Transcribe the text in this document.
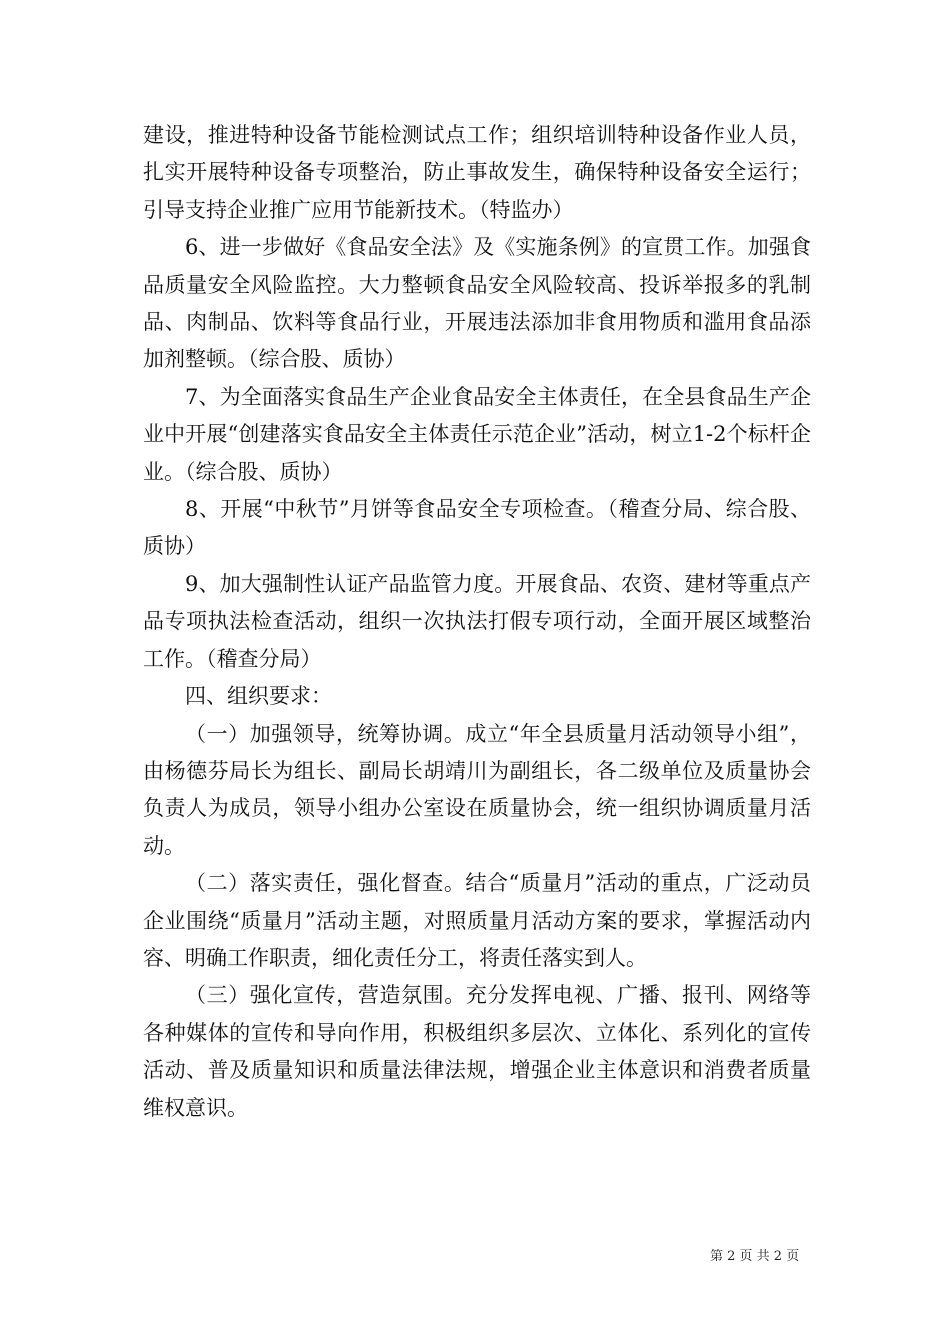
建设，推进特种设备节能检测试点工作；组织培训特种设备作业人员，扎实开展特种设备专项整治，防止事故发生，确保特种设备安全运行；引导支持企业推广应用节能新技术。（特监办）

6、进一步做好《食品安全法》及《实施条例》的宣贯工作。加强食品质量安全风险监控。大力整顿食品安全风险较高、投诉举报多的乳制品、肉制品、饮料等食品行业，开展违法添加非食用物质和滥用食品添加剂整顿。（综合股、质协）

7、为全面落实食品生产企业食品安全主体责任，在全县食品生产企业中开展“创建落实食品安全主体责任示范企业”活动，树立1-2个标杆企业。（综合股、质协）

8、开展“中秋节”月饼等食品安全专项检查。（稽查分局、综合股、质协）

9、加大强制性认证产品监管力度。开展食品、农资、建材等重点产品专项执法检查活动，组织一次执法打假专项行动，全面开展区域整治工作。（稽查分局）

四、组织要求：

（一）加强领导，统筹协调。成立“年全县质量月活动领导小组”，由杨德芬局长为组长、副局长胡靖川为副组长，各二级单位及质量协会负责人为成员，领导小组办公室设在质量协会，统一组织协调质量月活动。

（二）落实责任，强化督查。结合“质量月”活动的重点，广泛动员企业围绕“质量月”活动主题，对照质量月活动方案的要求，掌握活动内容、明确工作职责，细化责任分工，将责任落实到人。

（三）强化宣传，营造氛围。充分发挥电视、广播、报刊、网络等各种媒体的宣传和导向作用，积极组织多层次、立体化、系列化的宣传活动、普及质量知识和质量法律法规，增强企业主体意识和消费者质量维权意识。

第 2 页 共 2 页
